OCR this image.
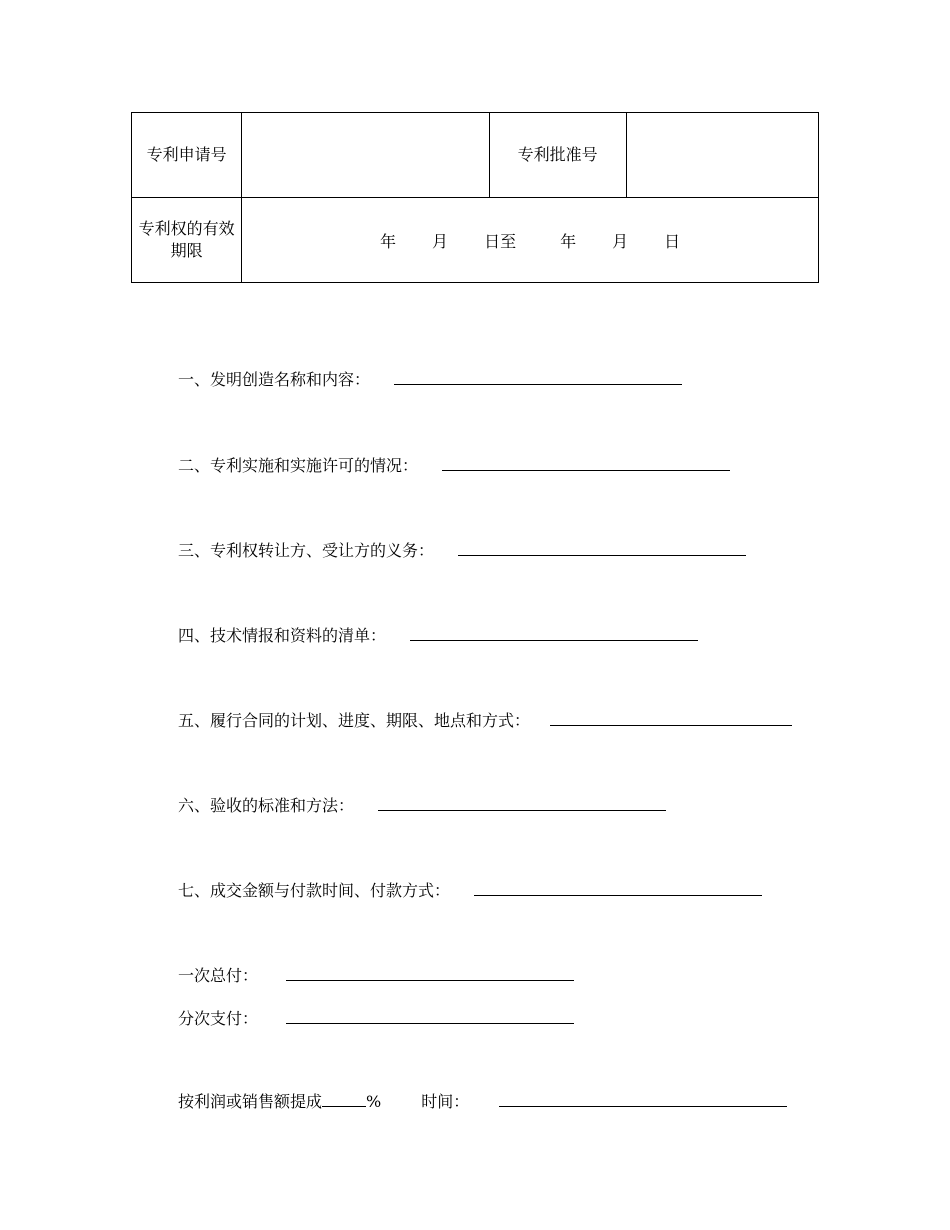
专利申请号		专利批准号	
专利权的有效期限	年 月 日至 年 月 日		
一、发明创造名称和内容：
二、专利实施和实施许可的情况：
三、专利权转让方、受让方的义务：
四、技术情报和资料的清单：
五、履行合同的计划、进度、期限、地点和方式：
六、验收的标准和方法：
七、成交金额与付款时间、付款方式：
一次总付：
分次支付：
按利润或销售额提成	%	时间：
